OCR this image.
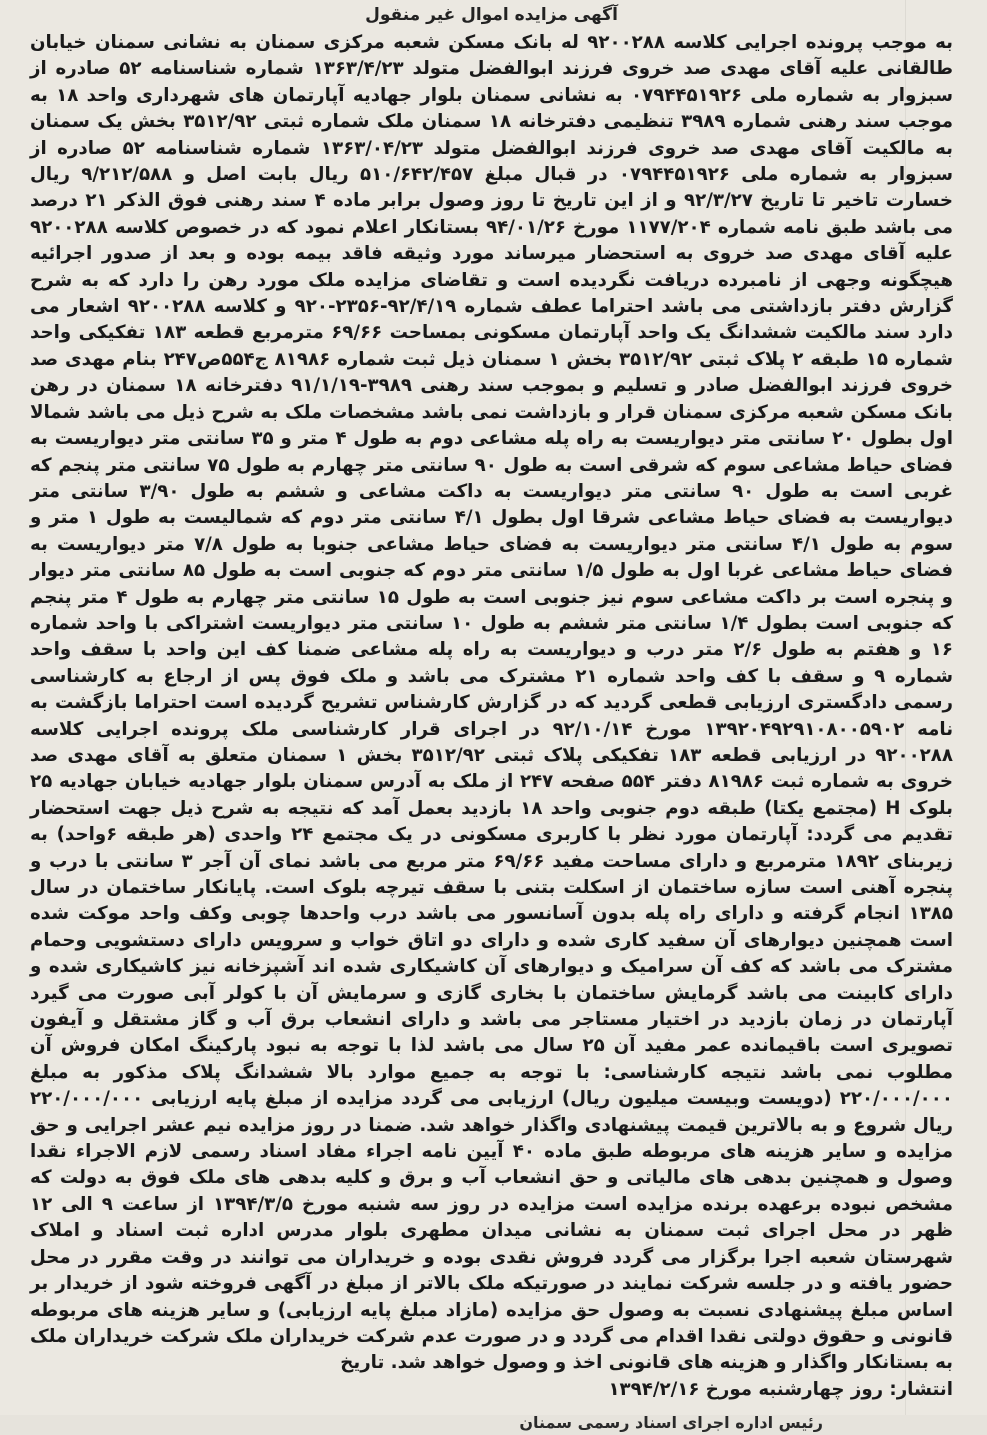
آگهی مزایده اموال غیر منقول
به موجب پرونده اجرایی کلاسه ۹۲۰۰۲۸۸ له بانک مسکن شعبه مرکزی سمنان به نشانی سمنان خیابان طالقانی علیه آقای مهدی صد خروی فرزند ابوالفضل متولد ۱۳۶۳/۴/۲۳ شماره شناسنامه ۵۲ صادره از سبزوار به شماره ملی ۰۷۹۴۴۵۱۹۲۶ به نشانی سمنان بلوار جهادیه آپارتمان های شهرداری واحد ۱۸ به موجب سند رهنی شماره ۳۹۸۹ تنظیمی دفترخانه ۱۸ سمنان ملک شماره ثبتی ۳۵۱۲/۹۲ بخش یک سمنان به مالکیت آقای مهدی صد خروی فرزند ابوالفضل متولد ۱۳۶۳/۰۴/۲۳ شماره شناسنامه ۵۲ صادره از سبزوار به شماره ملی ۰۷۹۴۴۵۱۹۲۶ در قبال مبلغ ۵۱۰/۶۴۲/۴۵۷ ریال بابت اصل و ۹/۲۱۲/۵۸۸ ریال خسارت تاخیر تا تاریخ ۹۲/۳/۲۷ و از این تاریخ تا روز وصول برابر ماده ۴ سند رهنی فوق الذکر ۲۱ درصد می باشد طبق نامه شماره ۱۱۷۷/۲۰۴ مورخ ۹۴/۰۱/۲۶ بستانکار اعلام نمود که در خصوص کلاسه ۹۲۰۰۲۸۸ علیه آقای مهدی صد خروی به استحضار میرساند مورد وثیقه فاقد بیمه بوده و بعد از صدور اجرائیه هیچگونه وجهی از نامبرده دریافت نگردیده است و تقاضای مزایده ملک مورد رهن را دارد که به شرح گزارش دفتر بازداشتی می باشد احتراما عطف شماره ۹۲/۴/۱۹-۲۳۵۶-۹۲۰ و کلاسه ۹۲۰۰۲۸۸ اشعار می دارد سند مالکیت ششدانگ یک واحد آپارتمان مسکونی بمساحت ۶۹/۶۶ مترمربع قطعه ۱۸۳ تفکیکی واحد شماره ۱۵ طبقه ۲ پلاک ثبتی ۳۵۱۲/۹۲ بخش ۱ سمنان ذیل ثبت شماره ۸۱۹۸۶ ج۵۵۴ص۲۴۷ بنام مهدی صد خروی فرزند ابوالفضل صادر و تسلیم و بموجب سند رهنی ۳۹۸۹-۹۱/۱/۱۹ دفترخانه ۱۸ سمنان در رهن بانک مسکن شعبه مرکزی سمنان قرار و بازداشت نمی باشد مشخصات ملک به شرح ذیل می باشد شمالا اول بطول ۲۰ سانتی متر دیواریست به راه پله مشاعی دوم به طول ۴ متر و ۳۵ سانتی متر دیواریست به فضای حیاط مشاعی سوم که شرقی است به طول ۹۰ سانتی متر چهارم به طول ۷۵ سانتی متر پنجم که غربی است به طول ۹۰ سانتی متر دیواریست به داکت مشاعی و ششم به طول ۳/۹۰ سانتی متر دیواریست به فضای حیاط مشاعی شرقا اول بطول ۴/۱ سانتی متر دوم که شمالیست به طول ۱ متر و سوم به طول ۴/۱ سانتی متر دیواریست به فضای حیاط مشاعی جنوبا به طول ۷/۸ متر دیواریست به فضای حیاط مشاعی غربا اول به طول ۱/۵ سانتی متر دوم که جنوبی است به طول ۸۵ سانتی متر دیوار و پنجره است بر داکت مشاعی سوم نیز جنوبی است به طول ۱۵ سانتی متر چهارم به طول ۴ متر پنجم که جنوبی است بطول ۱/۴ سانتی متر ششم به طول ۱۰ سانتی متر دیواریست اشتراکی با واحد شماره ۱۶ و هفتم به طول ۲/۶ متر درب و دیواریست به راه پله مشاعی ضمنا کف این واحد با سقف واحد شماره ۹ و سقف با کف واحد شماره ۲۱ مشترک می باشد و ملک فوق پس از ارجاع به کارشناسی رسمی دادگستری ارزیابی قطعی گردید که در گزارش کارشناس تشریح گردیده است احتراما بازگشت به نامه ۱۳۹۲۰۴۹۲۹۱۰۸۰۰۵۹۰۲ مورخ ۹۲/۱۰/۱۴ در اجرای قرار کارشناسی ملک پرونده اجرایی کلاسه ۹۲۰۰۲۸۸ در ارزیابی قطعه ۱۸۳ تفکیکی پلاک ثبتی ۳۵۱۲/۹۲ بخش ۱ سمنان متعلق به آقای مهدی صد خروی به شماره ثبت ۸۱۹۸۶ دفتر ۵۵۴ صفحه ۲۴۷ از ملک به آدرس سمنان بلوار جهادیه خیابان جهادیه ۲۵ بلوک H (مجتمع یکتا) طبقه دوم جنوبی واحد ۱۸ بازدید بعمل آمد که نتیجه به شرح ذیل جهت استحضار تقدیم می گردد: آپارتمان مورد نظر با کاربری مسکونی در یک مجتمع ۲۴ واحدی (هر طبقه ۶واحد) به زیربنای ۱۸۹۲ مترمربع و دارای مساحت مفید ۶۹/۶۶ متر مربع می باشد نمای آن آجر ۳ سانتی با درب و پنجره آهنی است سازه ساختمان از اسکلت بتنی با سقف تیرچه بلوک است. پایانکار ساختمان در سال ۱۳۸۵ انجام گرفته و دارای راه پله بدون آسانسور می باشد درب واحدها چوبی وکف واحد موکت شده است همچنین دیوارهای آن سفید کاری شده و دارای دو اتاق خواب و سرویس دارای دستشویی وحمام مشترک می باشد که کف آن سرامیک و دیوارهای آن کاشیکاری شده اند آشپزخانه نیز کاشیکاری شده و دارای کابینت می باشد گرمایش ساختمان با بخاری گازی و سرمایش آن با کولر آبی صورت می گیرد آپارتمان در زمان بازدید در اختیار مستاجر می باشد و دارای انشعاب برق آب و گاز مشتقل و آیفون تصویری است باقیمانده عمر مفید آن ۲۵ سال می باشد لذا با توجه به نبود پارکینگ امکان فروش آن مطلوب نمی باشد نتیجه کارشناسی: با توجه به جمیع موارد بالا ششدانگ پلاک مذکور به مبلغ ۲۲۰/۰۰۰/۰۰۰ (دویست وبیست میلیون ریال) ارزیابی می گردد مزایده از مبلغ پایه ارزیابی ۲۲۰/۰۰۰/۰۰۰ ریال شروع و به بالاترین قیمت پیشنهادی واگذار خواهد شد. ضمنا در روز مزایده نیم عشر اجرایی و حق مزایده و سایر هزینه های مربوطه طبق ماده ۴۰ آیین نامه اجراء مفاد اسناد رسمی لازم الاجراء نقدا وصول و همچنین بدهی های مالیاتی و حق انشعاب آب و برق و کلیه بدهی های ملک فوق به دولت که مشخص نبوده برعهده برنده مزایده است مزایده در روز سه شنبه مورخ ۱۳۹۴/۳/۵ از ساعت ۹ الی ۱۲ ظهر در محل اجرای ثبت سمنان به نشانی میدان مطهری بلوار مدرس اداره ثبت اسناد و املاک شهرستان شعبه اجرا برگزار می گردد فروش نقدی بوده و خریداران می توانند در وقت مقرر در محل حضور یافته و در جلسه شرکت نمایند در صورتیکه ملک بالاتر از مبلغ در آگهی فروخته شود از خریدار بر اساس مبلغ پیشنهادی نسبت به وصول حق مزایده (مازاد مبلغ پایه ارزیابی) و سایر هزینه های مربوطه قانونی و حقوق دولتی نقدا اقدام می گردد و در صورت عدم شرکت خریداران ملک شرکت خریداران ملک به بستانکار واگذار و هزینه های قانونی اخذ و وصول خواهد شد. تاریخ
انتشار: روز چهارشنبه مورخ ۱۳۹۴/۲/۱۶
رئیس اداره اجرای اسناد رسمی سمنان
